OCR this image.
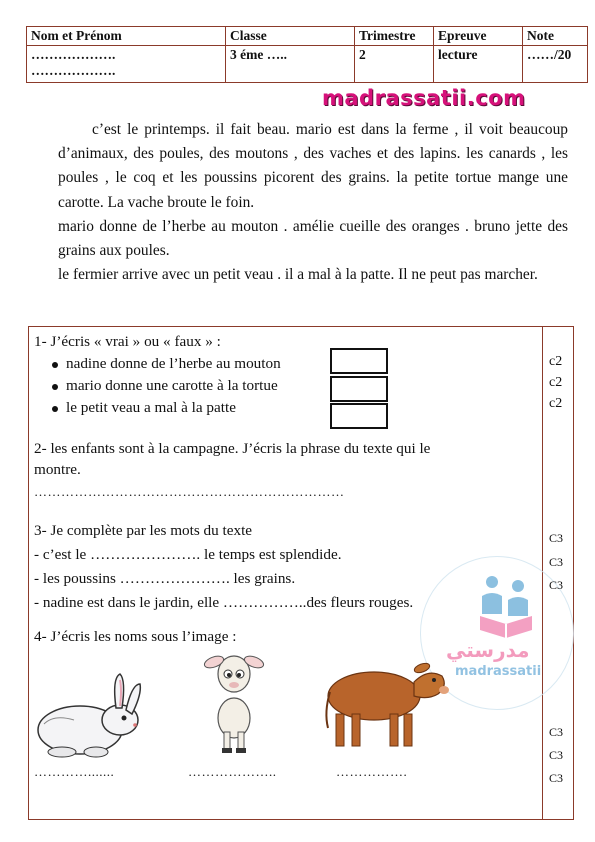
Nom et Prénom	Classe	Trimestre	Epreuve	Note

……………….
……………….	3 éme …..	2	lecture	……/20
madrassatii.com

c’est le printemps. il fait beau. mario est dans la ferme , il voit beaucoup d’animaux, des poules, des moutons , des vaches et des lapins. les canards , les poules , le coq et les poussins picorent des grains. la petite tortue mange une carotte. La vache broute le foin.

mario donne de l’herbe au mouton . amélie cueille des oranges . bruno jette des grains aux poules.

le fermier arrive avec un petit veau . il a mal à la patte. Il ne peut pas marcher.

مدرستي
madrassatii
1- J’écris « vrai » ou « faux » :
nadine donne de l’herbe au mouton
mario donne une carotte à la tortue
le petit veau a mal à la patte
c2
c2
c2
2- les enfants sont à la campagne. J’écris la phrase du texte qui le
montre.
……………………………………………………………
3- Je complète par les mots du texte
- c’est le …………………. le temps est splendide.
- les poussins …………………. les grains.
- nadine est dans le jardin, elle ……………..des fleurs rouges.
C3
C3
C3
4- J’écris les noms sous l’image :
………….......	………………..	…………….
C3
C3
C3
